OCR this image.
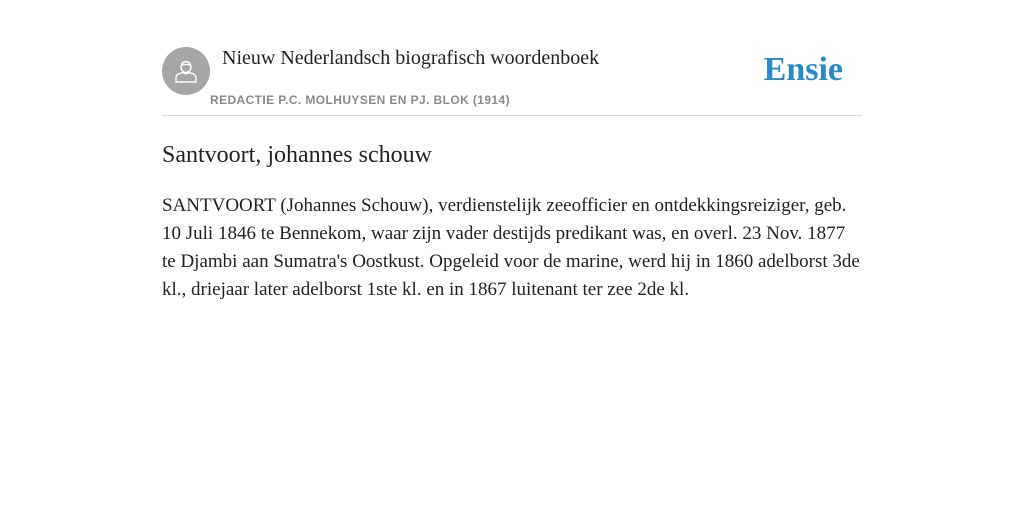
Nieuw Nederlandsch biografisch woordenboek
REDACTIE P.C. MOLHUYSEN EN PJ. BLOK (1914)
Ensie
Santvoort, johannes schouw

SANTVOORT (Johannes Schouw), verdienstelijk zeeofficier en ontdekkingsreiziger, geb. 10 Juli 1846 te Bennekom, waar zijn vader destijds predikant was, en overl. 23 Nov. 1877 te Djambi aan Sumatra's Oostkust. Opgeleid voor de marine, werd hij in 1860 adelborst 3de kl., driejaar later adelborst 1ste kl. en in 1867 luitenant ter zee 2de kl.
